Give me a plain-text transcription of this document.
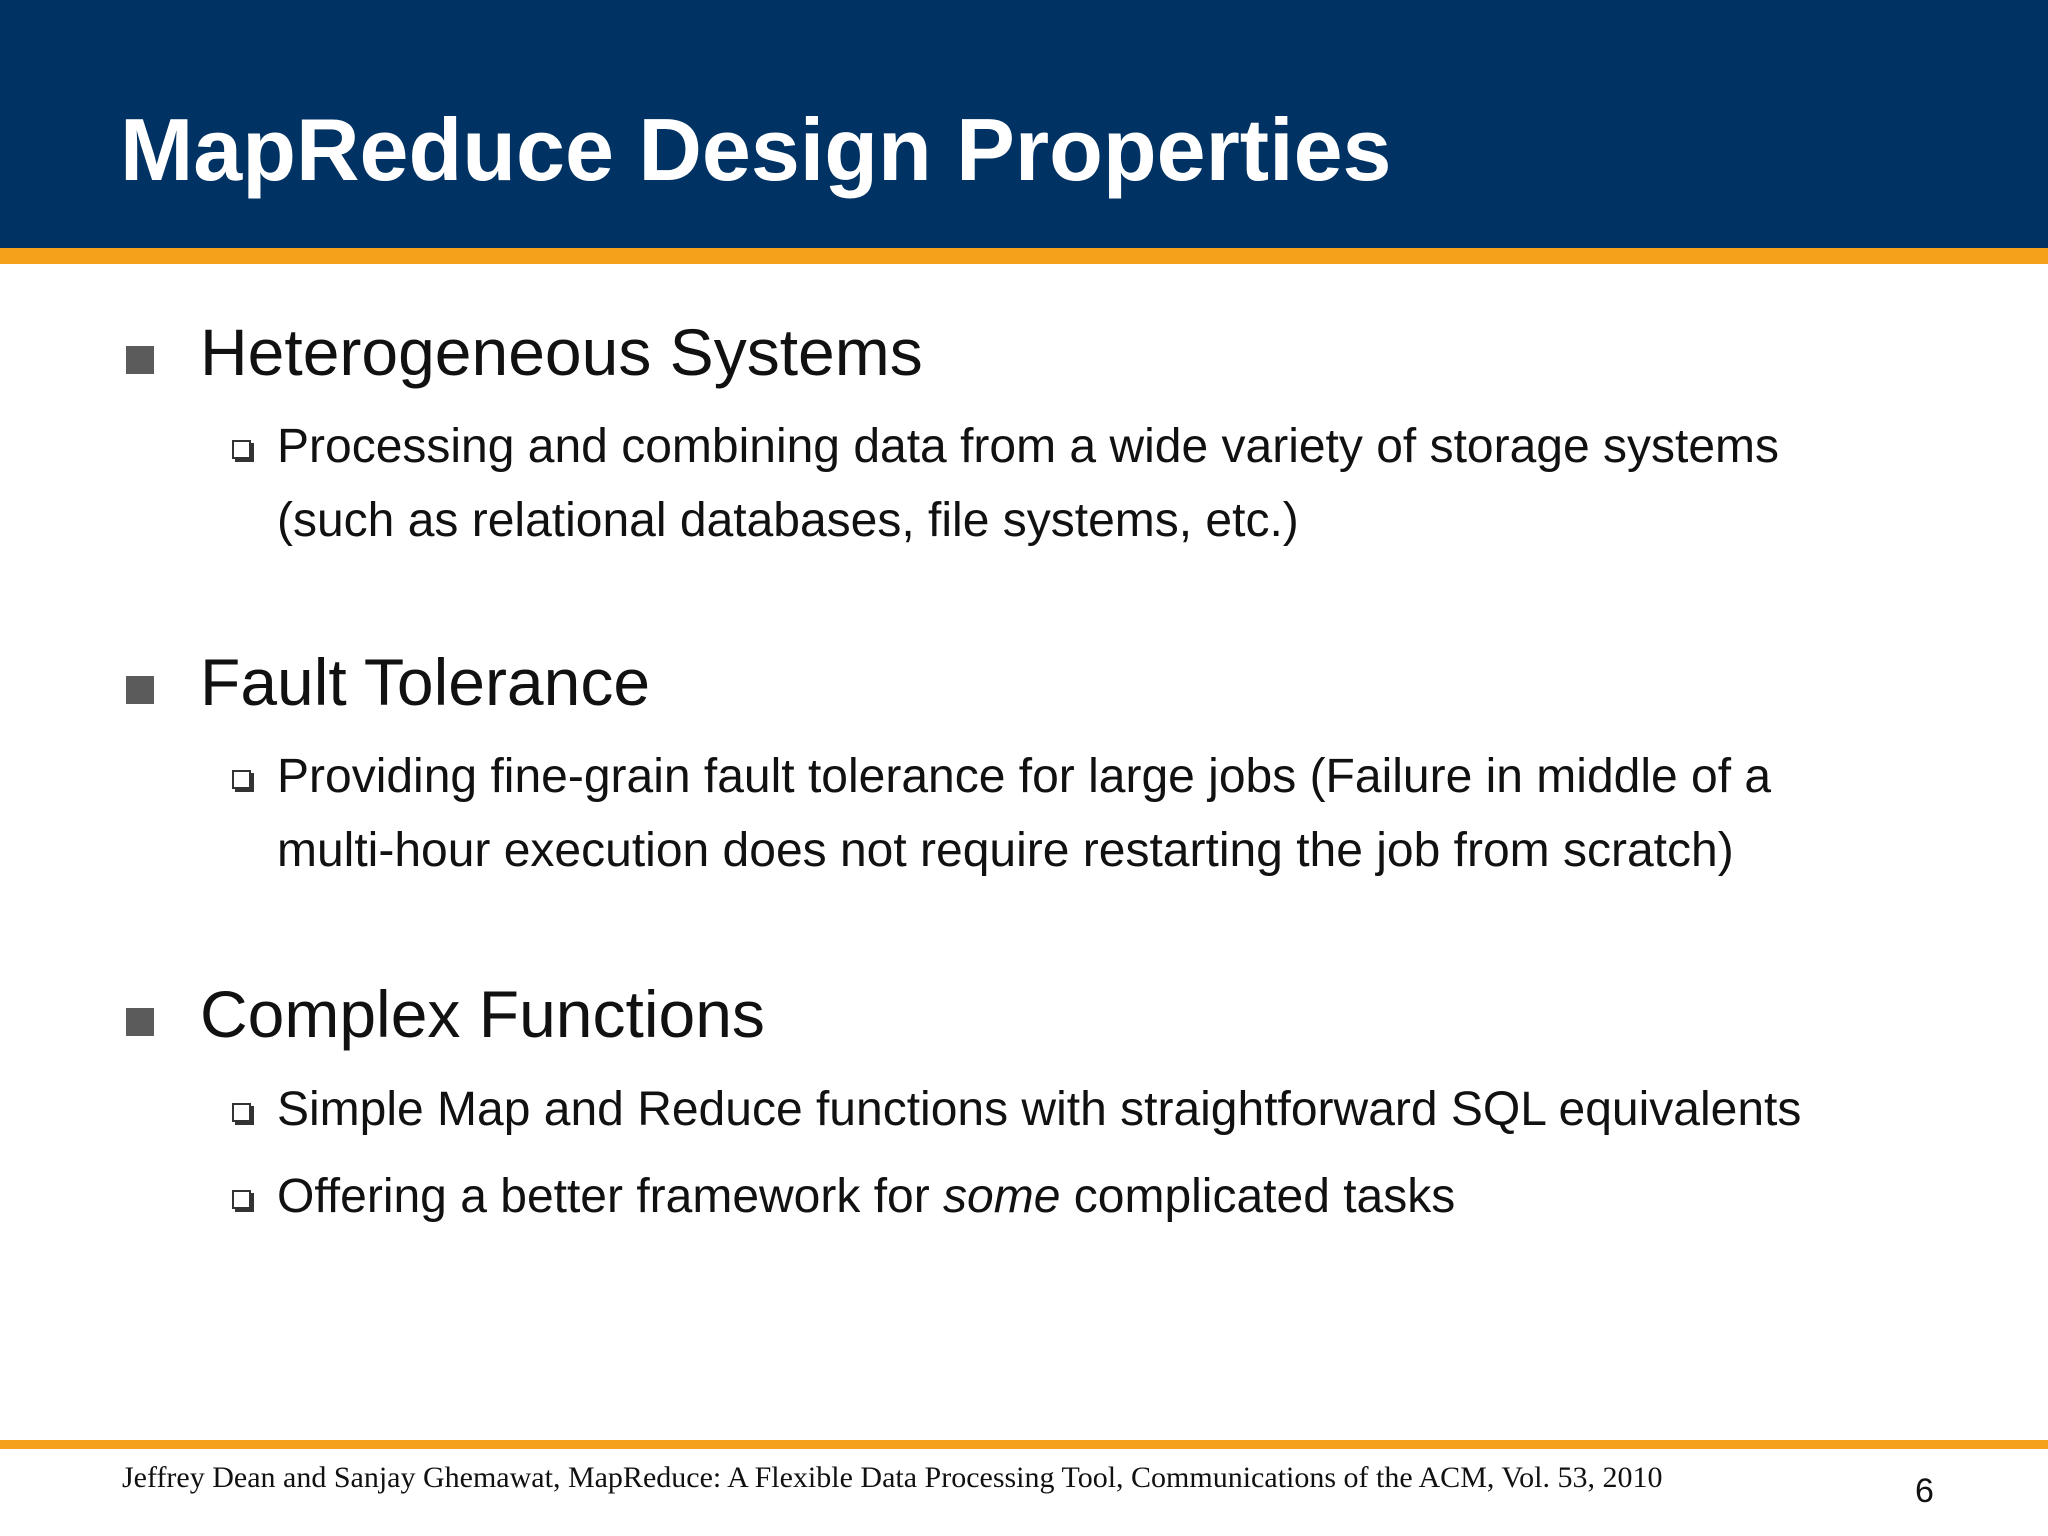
MapReduce Design Properties
Heterogeneous Systems
Processing and combining data from a wide variety of storage systems
(such as relational databases, file systems, etc.)
Fault Tolerance
Providing fine-grain fault tolerance for large jobs (Failure in middle of a
multi-hour execution does not require restarting the job from scratch)
Complex Functions
Simple Map and Reduce functions with straightforward SQL equivalents
Offering a better framework for some complicated tasks
Jeffrey Dean and Sanjay Ghemawat, MapReduce: A Flexible Data Processing Tool, Communications of the ACM, Vol. 53, 2010	6
